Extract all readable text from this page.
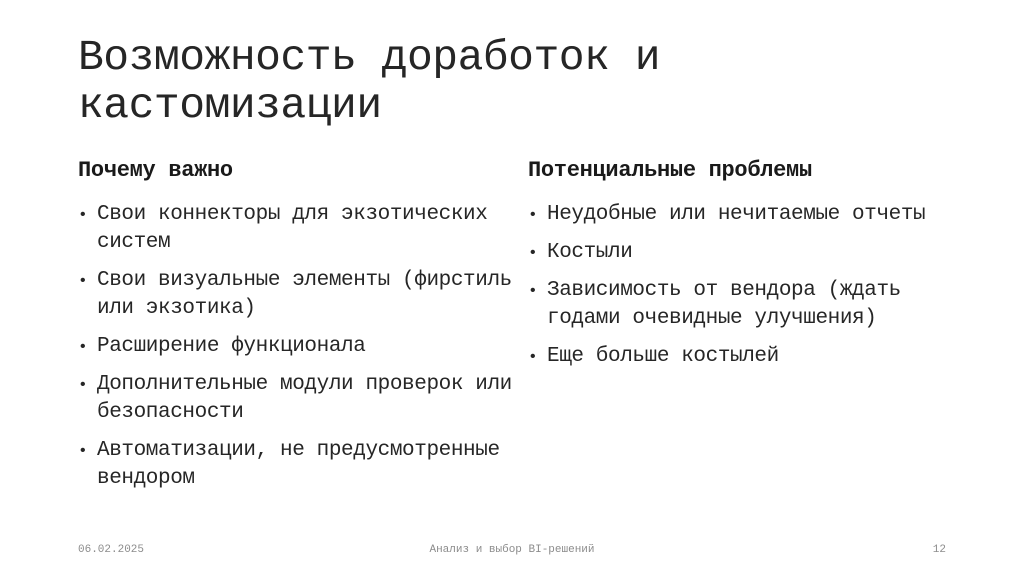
Возможность доработок и кастомизации
Почему важно
• Свои коннекторы для экзотических систем
• Свои визуальные элементы (фирстиль или экзотика)
• Расширение функционала
• Дополнительные модули проверок или безопасности
• Автоматизации, не предусмотренные вендором
Потенциальные проблемы
• Неудобные или нечитаемые отчеты
• Костыли
• Зависимость от вендора (ждать годами очевидные улучшения)
• Еще больше костылей
06.02.2025	Анализ и выбор BI-решений	12
